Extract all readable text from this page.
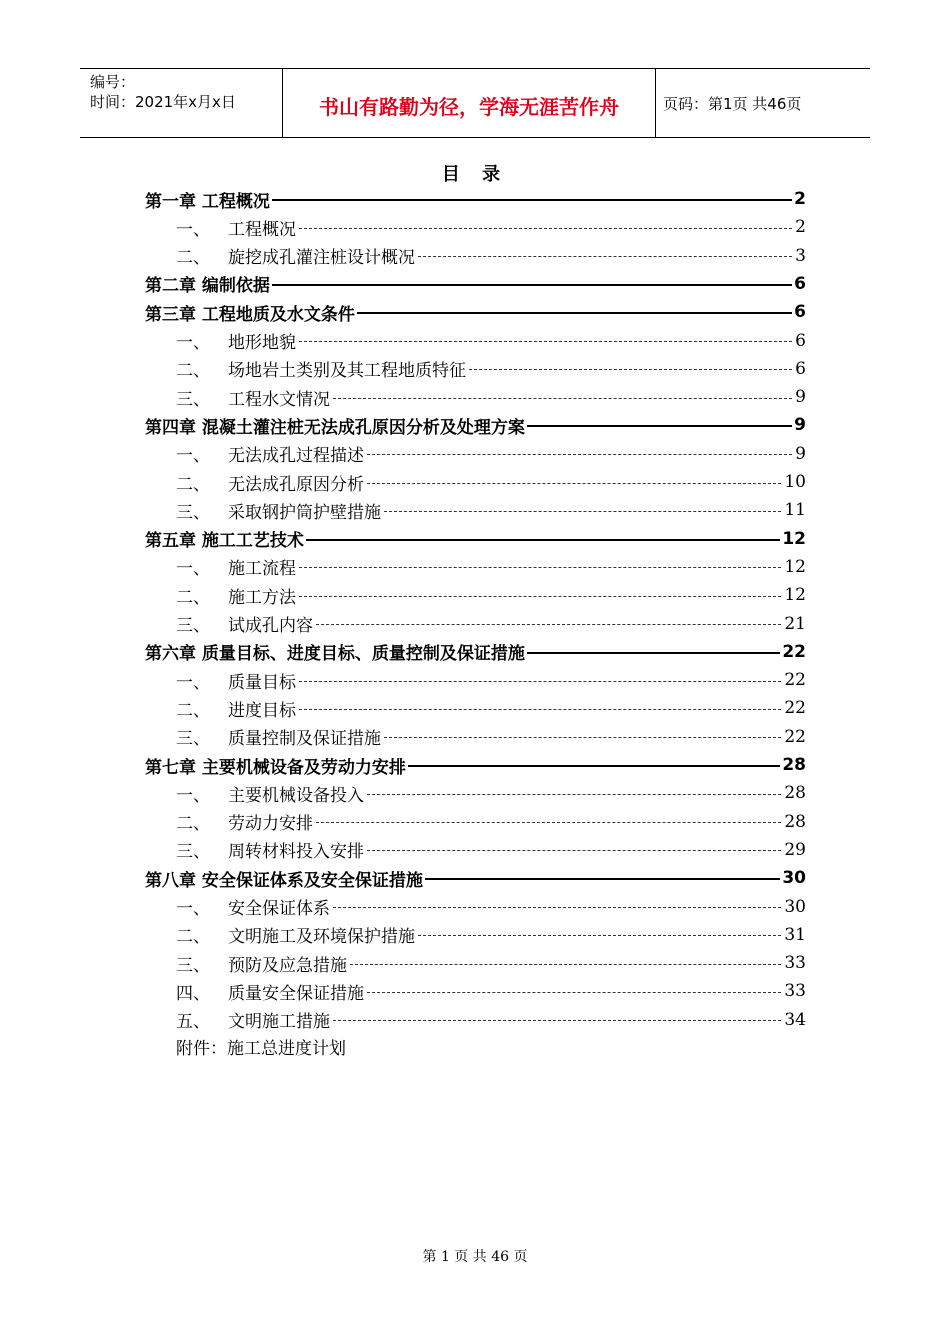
编号：
时间：2021年x月x日	书山有路勤为径，学海无涯苦作舟	页码：第1页 共46页
目 录
第一章 工程概况	2
一、 工程概况	2
二、 旋挖成孔灌注桩设计概况	3
第二章 编制依据	6
第三章 工程地质及水文条件	6
一、 地形地貌	6
二、 场地岩土类别及其工程地质特征	6
三、 工程水文情况	9
第四章 混凝土灌注桩无法成孔原因分析及处理方案	9
一、 无法成孔过程描述	9
二、 无法成孔原因分析	10
三、 采取钢护筒护壁措施	11
第五章 施工工艺技术	12
一、 施工流程	12
二、 施工方法	12
三、 试成孔内容	21
第六章 质量目标、进度目标、质量控制及保证措施	22
一、 质量目标	22
二、 进度目标	22
三、 质量控制及保证措施	22
第七章 主要机械设备及劳动力安排	28
一、 主要机械设备投入	28
二、 劳动力安排	28
三、 周转材料投入安排	29
第八章 安全保证体系及安全保证措施	30
一、 安全保证体系	30
二、 文明施工及环境保护措施	31
三、 预防及应急措施	33
四、 质量安全保证措施	33
五、 文明施工措施	34
附件：施工总进度计划
第 1 页 共 46 页
